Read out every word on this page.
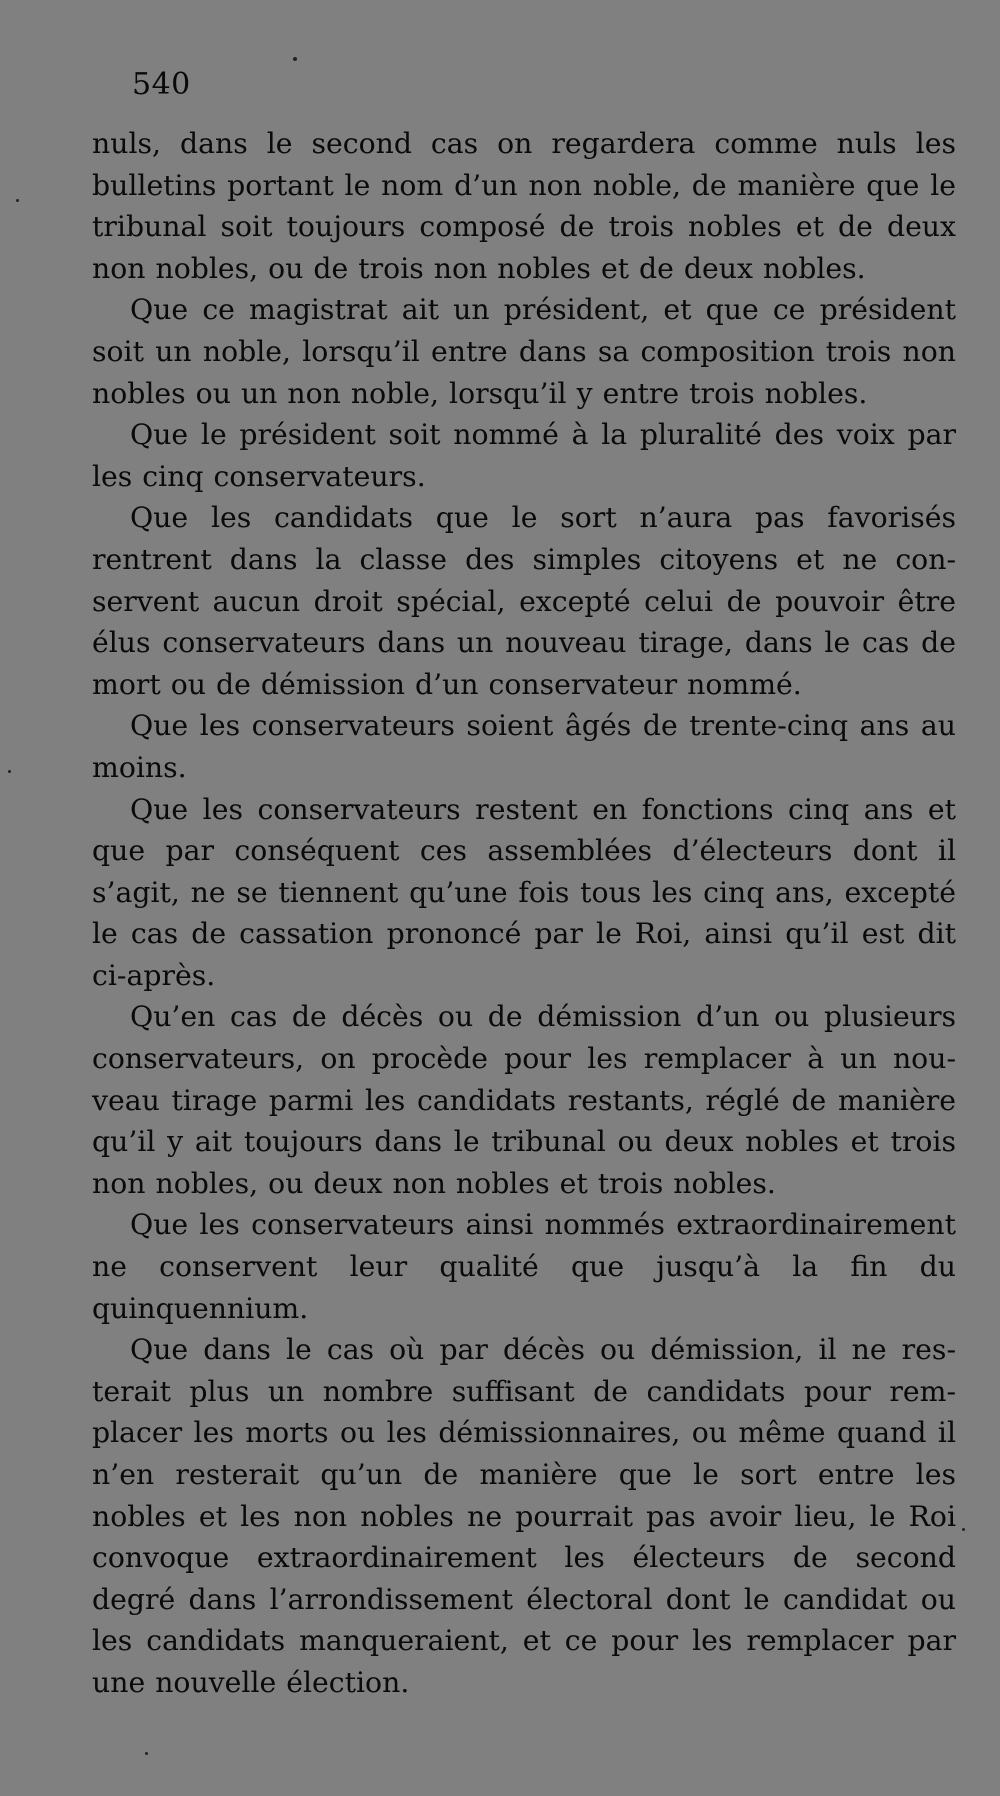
540

nuls, dans le second cas on regardera comme nuls les bulletins portant le nom d’un non noble, de manière que le tribunal soit toujours composé de trois nobles et de deux non nobles, ou de trois non nobles et de deux nobles.

Que ce magistrat ait un président, et que ce président soit un noble, lorsqu’il entre dans sa composition trois non nobles ou un non noble, lorsqu’il y entre trois nobles.

Que le président soit nommé à la pluralité des voix par les cinq conservateurs.

Que les candidats que le sort n’aura pas favorisés rentrent dans la classe des simples citoyens et ne conservent aucun droit spécial, excepté celui de pouvoir être élus conservateurs dans un nouveau tirage, dans le cas de mort ou de démission d’un conservateur nommé.

Que les conservateurs soient âgés de trente-cinq ans au moins.

Que les conservateurs restent en fonctions cinq ans et que par conséquent ces assemblées d’électeurs dont il s’agit, ne se tiennent qu’une fois tous les cinq ans, excepté le cas de cassation prononcé par le Roi, ainsi qu’il est dit ci-après.

Qu’en cas de décès ou de démission d’un ou plusieurs conservateurs, on procède pour les remplacer à un nouveau tirage parmi les candidats restants, réglé de manière qu’il y ait toujours dans le tribunal ou deux nobles et trois non nobles, ou deux non nobles et trois nobles.

Que les conservateurs ainsi nommés extraordinairement ne conservent leur qualité que jusqu’à la fin du quinquennium.

Que dans le cas où par décès ou démission, il ne resterait plus un nombre suffisant de candidats pour remplacer les morts ou les démissionnaires, ou même quand il n’en resterait qu’un de manière que le sort entre les nobles et les non nobles ne pourrait pas avoir lieu, le Roi convoque extraordinairement les électeurs de second degré dans l’arrondissement électoral dont le candidat ou les candidats manqueraient, et ce pour les remplacer par une nouvelle élection.
